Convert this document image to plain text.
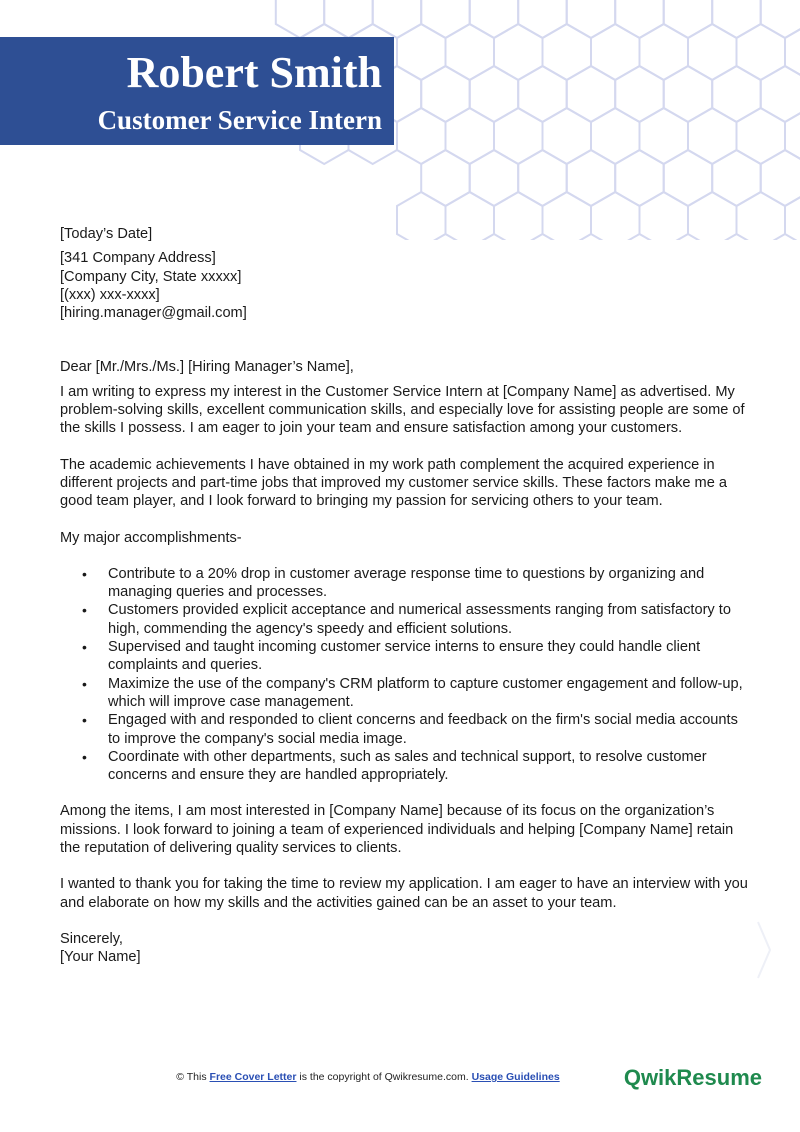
Robert Smith
Customer Service Intern

[Today’s Date]

[341 Company Address]

[Company City, State xxxxx]

[(xxx) xxx-xxxx]

[hiring.manager@gmail.com]

Dear [Mr./Mrs./Ms.] [Hiring Manager’s Name],

I am writing to express my interest in the Customer Service Intern at [Company Name] as advertised. My problem-solving skills, excellent communication skills, and especially love for assisting people are some of the skills I possess. I am eager to join your team and ensure satisfaction among your customers.

The academic achievements I have obtained in my work path complement the acquired experience in different projects and part-time jobs that improved my customer service skills. These factors make me a good team player, and I look forward to bringing my passion for servicing others to your team.

My major accomplishments-

• Contribute to a 20% drop in customer average response time to questions by organizing and managing queries and processes.
• Customers provided explicit acceptance and numerical assessments ranging from satisfactory to high, commending the agency's speedy and efficient solutions.
• Supervised and taught incoming customer service interns to ensure they could handle client complaints and queries.
• Maximize the use of the company's CRM platform to capture customer engagement and follow-up, which will improve case management.
• Engaged with and responded to client concerns and feedback on the firm's social media accounts to improve the company's social media image.
• Coordinate with other departments, such as sales and technical support, to resolve customer concerns and ensure they are handled appropriately.

Among the items, I am most interested in [Company Name] because of its focus on the organization’s missions. I look forward to joining a team of experienced individuals and helping [Company Name] retain the reputation of delivering quality services to clients.

I wanted to thank you for taking the time to review my application. I am eager to have an interview with you and elaborate on how my skills and the activities gained can be an asset to your team.

Sincerely,

[Your Name]

© This Free Cover Letter is the copyright of Qwikresume.com. Usage Guidelines	QwikResume
